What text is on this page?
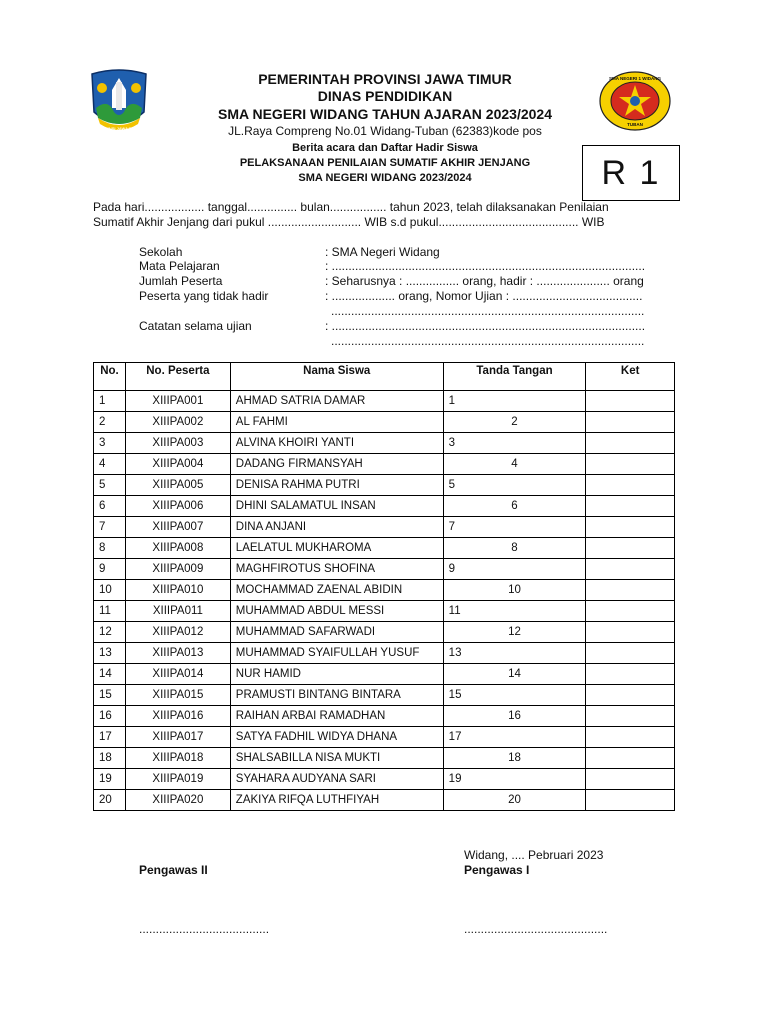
PROVINSI JAWA TIMUR
PEMERINTAH PROVINSI JAWA TIMUR
DINAS PENDIDIKAN
SMA NEGERI WIDANG TAHUN AJARAN 2023/2024
JL.Raya Compreng No.01 Widang-Tuban (62383)kode pos
SMA NEGERI 1 WIDANG
TUBAN
Berita acara dan Daftar Hadir Siswa
PELAKSANAAN PENILAIAN SUMATIF AKHIR JENJANG
SMA NEGERI WIDANG 2023/2024	R 1
Pada hari.................. tanggal............... bulan................. tahun 2023, telah dilaksanakan Penilaian
Sumatif Akhir Jenjang dari pukul ............................ WIB s.d pukul.......................................... WIB
Sekolah	: SMA Negeri Widang
Mata Pelajaran	: ..............................................................................................
Jumlah Peserta	: Seharusnya : ................ orang, hadir : ...................... orang
Peserta yang tidak hadir	: ................... orang, Nomor Ujian : .......................................
..............................................................................................
Catatan selama ujian	: ..............................................................................................
..............................................................................................
No.	No. Peserta	Nama Siswa	Tanda Tangan	Ket
1	XIIIPA001	AHMAD SATRIA DAMAR	1	
2	XIIIPA002	AL FAHMI	2	
3	XIIIPA003	ALVINA KHOIRI YANTI	3	
4	XIIIPA004	DADANG FIRMANSYAH	4	
5	XIIIPA005	DENISA RAHMA PUTRI	5	
6	XIIIPA006	DHINI SALAMATUL INSAN	6	
7	XIIIPA007	DINA ANJANI	7	
8	XIIIPA008	LAELATUL MUKHAROMA	8	
9	XIIIPA009	MAGHFIROTUS SHOFINA	9	
10	XIIIPA010	MOCHAMMAD ZAENAL ABIDIN	10	
11	XIIIPA011	MUHAMMAD ABDUL MESSI	11	
12	XIIIPA012	MUHAMMAD SAFARWADI	12	
13	XIIIPA013	MUHAMMAD SYAIFULLAH YUSUF	13	
14	XIIIPA014	NUR HAMID	14	
15	XIIIPA015	PRAMUSTI BINTANG BINTARA	15	
16	XIIIPA016	RAIHAN ARBAI RAMADHAN	16	
17	XIIIPA017	SATYA FADHIL WIDYA DHANA	17	
18	XIIIPA018	SHALSABILLA NISA MUKTI	18	
19	XIIIPA019	SYAHARA AUDYANA SARI	19	
20	XIIIPA020	ZAKIYA RIFQA LUTHFIYAH	20	
Widang, .... Pebruari 2023
Pengawas II	Pengawas I
.......................................	...........................................
